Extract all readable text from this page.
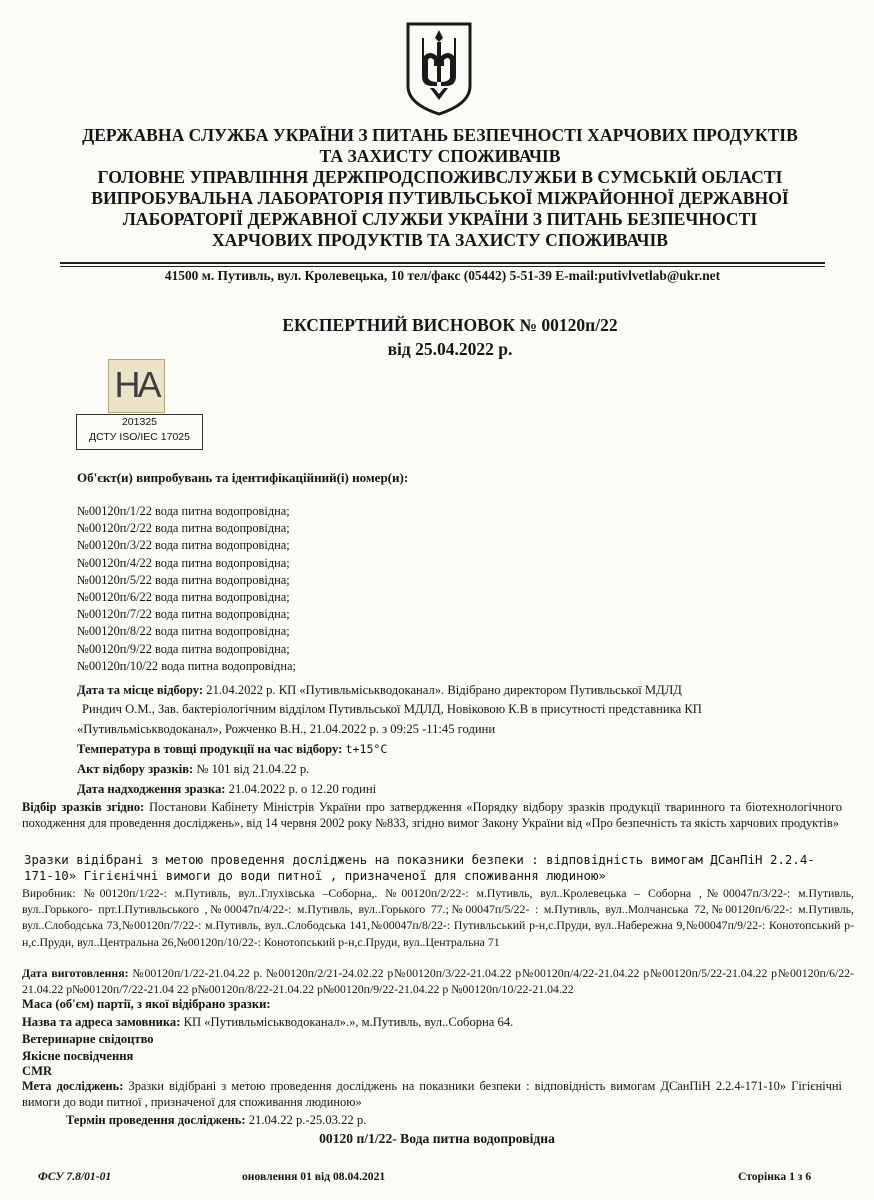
ДЕРЖАВНА СЛУЖБА УКРАЇНИ З ПИТАНЬ БЕЗПЕЧНОСТІ ХАРЧОВИХ ПРОДУКТІВ
ТА ЗАХИСТУ СПОЖИВАЧІВ
ГОЛОВНЕ УПРАВЛІННЯ ДЕРЖПРОДСПОЖИВСЛУЖБИ В СУМСЬКІЙ ОБЛАСТІ
ВИПРОБУВАЛЬНА ЛАБОРАТОРІЯ ПУТИВЛЬСЬКОЇ МІЖРАЙОННОЇ ДЕРЖАВНОЇ
ЛАБОРАТОРІЇ ДЕРЖАВНОЇ СЛУЖБИ УКРАЇНИ З ПИТАНЬ БЕЗПЕЧНОСТІ
ХАРЧОВИХ ПРОДУКТІВ ТА ЗАХИСТУ СПОЖИВАЧІВ
41500 м. Путивль, вул. Кролевецька, 10 тел/факс (05442) 5-51-39 E-mail:putivlvetlab@ukr.net
ЕКСПЕРТНИЙ ВИСНОВОК № 00120п/22
від 25.04.2022 р.
НА
201325
ДСТУ ISO/IEC 17025
Об'єкт(и) випробувань та ідентифікаційний(і) номер(и):
№00120п/1/22 вода питна водопровідна;
№00120п/2/22 вода питна водопровідна;
№00120п/3/22 вода питна водопровідна;
№00120п/4/22 вода питна водопровідна;
№00120п/5/22 вода питна водопровідна;
№00120п/6/22 вода питна водопровідна;
№00120п/7/22 вода питна водопровідна;
№00120п/8/22 вода питна водопровідна;
№00120п/9/22 вода питна водопровідна;
№00120п/10/22 вода питна водопровідна;
Дата та місце відбору: 21.04.2022 р. КП «Путивльміськводоканал». Відібрано директором Путивльської МДЛД
Риндич О.М., Зав. бактеріологічним відділом Путивльської МДЛД, Новіковою К.В в присутності представника КП
«Путивльміськводоканал», Рожченко В.Н., 21.04.2022 р. з 09:25 -11:45 години
Температура в товщі продукції на час відбору: t+15°C
Акт відбору зразків: № 101 від 21.04.22 р.
Дата надходження зразка: 21.04.2022 р. о 12.20 годині
Відбір зразків згідно: Постанови Кабінету Міністрів України про затвердження «Порядку відбору зразків продукції тваринного та біотехнологічного походження для проведення досліджень», від 14 червня 2002 року №833, згідно вимог Закону України від «Про безпечність та якість харчових продуктів»
Зразки відібрані з метою проведення досліджень на показники безпеки : відповідність вимогам ДСанПіН 2.2.4-171-10» Гігієнічні вимоги до води питної , призначеної для споживання людиною»
Виробник: №00120п/1/22-: м.Путивль, вул..Глухівська –Соборна,. №00120п/2/22-: м.Путивль, вул..Кролевецька – Соборна ,№00047п/3/22-: м.Путивль, вул..Горького- прт.І.Путивльського ,№00047п/4/22-: м.Путивль, вул..Горького 77.;№00047п/5/22- : м.Путивль, вул..Молчанська 72,№00120п/6/22-: м.Путивль, вул..Слободська 73,№00120п/7/22-: м.Путивль, вул..Слободська 141,№00047п/8/22-: Путивльський р-н,с.Пруди, вул..Набережна 9,№00047п/9/22-: Конотопський р-н,с.Пруди, вул..Центральна 26,№00120п/10/22-: Конотопський р-н,с.Пруди, вул..Центральна 71
Дата виготовлення: №00120п/1/22-21.04.22 р. №00120п/2/21-24.02.22 р№00120п/3/22-21.04.22 р№00120п/4/22-21.04.22 р№00120п/5/22-21.04.22 р№00120п/6/22-21.04.22 р№00120п/7/22-21.04 22 р№00120п/8/22-21.04.22 р№00120п/9/22-21.04.22 р №00120п/10/22-21.04.22
Маса (об'єм) партії, з якої відібрано зразки:
Назва та адреса замовника: КП «Путивльміськводоканал».», м.Путивль, вул..Соборна 64.
Ветеринарне свідоцтво
Якісне посвідчення
CMR
Мета досліджень: Зразки відібрані з метою проведення досліджень на показники безпеки : відповідність вимогам ДСанПіН 2.2.4-171-10» Гігієнічні вимоги до води питної , призначеної для споживання людиною»
Термін проведення досліджень: 21.04.22 р.-25.03.22 р.
00120 п/1/22- Вода питна водопровідна
ФСУ 7.8/01-01	оновлення 01 від 08.04.2021	Сторінка 1 з 6
